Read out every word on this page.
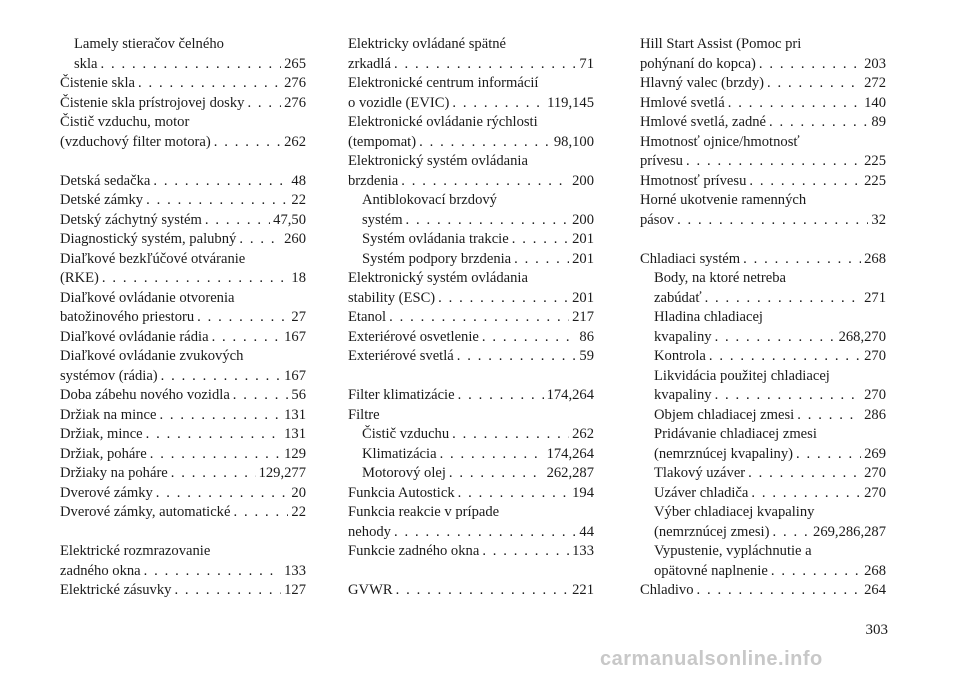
Lamely stieračov čelného
skla . . .	265
Čistenie skla . . .	276
Čistenie skla prístrojovej dosky . . .	276
Čistič vzduchu, motor
(vzduchový filter motora) . . .	262
Detská sedačka . . .	48
Detské zámky . . .	22
Detský záchytný systém . . .	47,50
Diagnostický systém, palubný . . .	260
Diaľkové bezkľúčové otváranie
(RKE) . . .	18
Diaľkové ovládanie otvorenia
batožinového priestoru . . .	27
Diaľkové ovládanie rádia . . .	167
Diaľkové ovládanie zvukových
systémov (rádia) . . .	167
Doba zábehu nového vozidla . . .	56
Držiak na mince . . .	131
Držiak, mince . . .	131
Držiak, poháre . . .	129
Držiaky na poháre . . .	129,277
Dverové zámky . . .	20
Dverové zámky, automatické . . .	22
Elektrické rozmrazovanie
zadného okna . . .	133
Elektrické zásuvky . . .	127
Elektricky ovládané spätné
zrkadlá . . .	71
Elektronické centrum informácií
o vozidle (EVIC) . . .	119,145
Elektronické ovládanie rýchlosti
(tempomat) . . .	98,100
Elektronický systém ovládania
brzdenia . . .	200
Antiblokovací brzdový
systém . . .	200
Systém ovládania trakcie . . .	201
Systém podpory brzdenia . . .	201
Elektronický systém ovládania
stability (ESC) . . .	201
Etanol . . .	217
Exteriérové osvetlenie . . .	86
Exteriérové svetlá . . .	59
Filter klimatizácie . . .	174,264
Filtre
Čistič vzduchu . . .	262
Klimatizácia . . .	174,264
Motorový olej . . .	262,287
Funkcia Autostick . . .	194
Funkcia reakcie v prípade
nehody . . .	44
Funkcie zadného okna . . .	133
GVWR . . .	221
Hill Start Assist (Pomoc pri
pohýnaní do kopca) . . .	203
Hlavný valec (brzdy) . . .	272
Hmlové svetlá . . .	140
Hmlové svetlá, zadné . . .	89
Hmotnosť ojnice/hmotnosť
prívesu . . .	225
Hmotnosť prívesu . . .	225
Horné ukotvenie ramenných
pásov . . .	32
Chladiaci systém . . .	268
Body, na ktoré netreba
zabúdať . . .	271
Hladina chladiacej
kvapaliny . . .	268,270
Kontrola . . .	270
Likvidácia použitej chladiacej
kvapaliny . . .	270
Objem chladiacej zmesi . . .	286
Pridávanie chladiacej zmesi
(nemrznúcej kvapaliny) . . .	269
Tlakový uzáver . . .	270
Uzáver chladiča . . .	270
Výber chladiacej kvapaliny
(nemrznúcej zmesi) . . .	269,286,287
Vypustenie, vypláchnutie a
opätovné naplnenie . . .	268
Chladivo . . .	264
303
carmanualsonline.info
